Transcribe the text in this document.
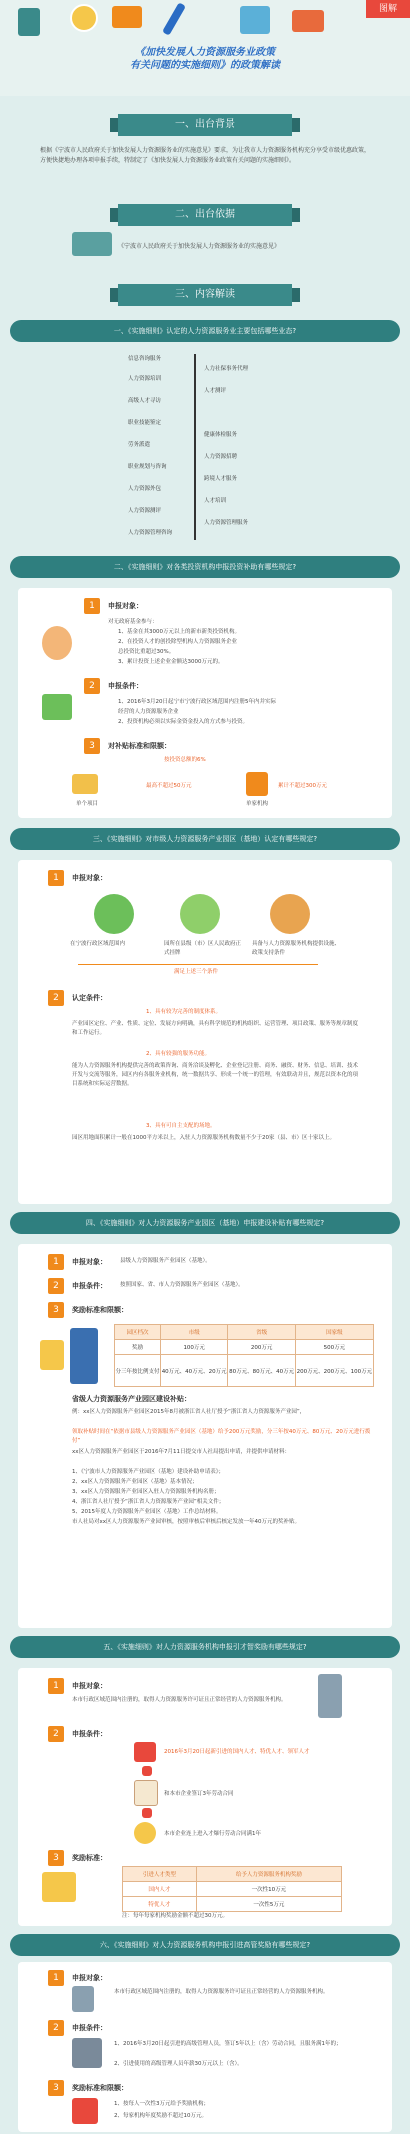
图解
《加快发展人力资源服务业政策
有关问题的实施细则》的政策解读
一、出台背景
根据《宁波市人民政府关于加快发展人力资源服务业的实施意见》要求，为让我市人力资源服务机构充分享受市级优惠政策，方便快捷地办理各项申报手续，特制定了《加快发展人力资源服务业政策有关问题的实施细则》。
二、出台依据
《宁波市人民政府关于加快发展人力资源服务业的实施意见》
三、内容解读
一、《实施细则》认定的人力资源服务业主要包括哪些业态?
信息咨询服务
人力资源培训
高级人才寻访
职业技能鉴定
劳务派遣
职业规划与咨询
人力资源外包
人力资源测评
人力资源管理咨询
人力社保事务代理
人才测评
健康体检服务
人力资源招聘
跨境人才服务
人才培训
人力资源管理服务
二、《实施细则》对各类投资机构申报投资补助有哪些规定?
1	申报对象：
对无政府基金参与：
1、基金在其3000万元以上的新市新类投资机构。
2、在投资人才的创投除型机构人力资源服务企业
总投资比重超过30%。
3、累计投资上述企业金额达3000万元的。
2	申报条件：
1、2016年3月20日起宁市宁波行政区域范围内注册5年内并实际
经营的人力资源服务企业
2、投资机构必须以实际金资金投入的方式参与投资。
3	对补贴标准和限额：
按投资总额的6%
最高不超过50万元	累计不超过300万元
单个项目	单家机构
三、《实施细则》对市级人力资源服务产业园区（基地）认定有哪些规定?
1	申报对象：
在宁波行政区域范围内	园所在县级（市）区人民政府正式挂牌
具备与人力资源服务机构提供设施、政策支持条件
满足上述三个条件
2	认定条件：
1、具有较为完善的制度体系。
产业园区定位、产业、性质、定位、发展方向明确，具有科学规范的机构组织、运营管理、项目政策、服务等规章制度和工作运行。
2、具有较强的服务功能。
能为人力资源服务机构提供完善的政策咨询、商务洽谈及孵化、企业登记注册、商务、融资、财务、信息、培训、技术开发与交流等服务，园区内有各服务业机构，统一数据共享、形成一个统一的管理，有效联动并且，规范以资本化的项目系统和实际运营数据。
3、具有可自主支配的场地。
园区用地面积累计一般在1000平方米以上，入驻人力资源服务机构数量不少于20家（县、市）区十家以上。
四、《实施细则》对人力资源服务产业园区（基地）申报建设补贴有哪些规定?
1	申报对象： 县级人力资源服务产业园区（基地）。
2	申报条件： 按照国家、省、市人力资源服务产业园区（基地）。
3	奖励标准和限额：
园区档次	市级	省级	国家级
奖励	100万元	200万元	500万元
分三年按比例支付	40万元、40万元、20万元	80万元、80万元、40万元	200万元、200万元、100万元
省级人力资源服务产业园区建设补贴：
例：xx区人力资源服务产业园区2015年8月被浙江省人社厅授予“浙江省人力资源服务产业园”，
领取补贴时间在“依据市县级人力资源服务产业园区（基地）给予200万元奖励，分三年按40万元、80万元、20万元进行拨付”
xx区人力资源服务产业园区于2016年7月11日提交市人社局提出申请，并提供申请材料：
1、《宁波市人力资源服务产业园区（基地）建设补助申请表》；
2、xx区人力资源服务产业园区（基地）基本情况；
3、xx区人力资源服务产业园区入驻人力资源服务机构名册；
4、浙江省人社厅授予“浙江省人力资源服务产业园”相关文件；
5、2015年度人力资源服务产业园区（基地）工作总结材料。
市人社局对xx区人力资源服务产业园审核，按照审核后审核后核定发放一年40万元的奖补贴。
五、《实施细则》对人力资源服务机构申报引才智奖励有哪些规定?
1	申报对象：
本市行政区域范围内注册的，取得人力资源服务许可证且正常经营的人力资源服务机构。
2	申报条件：
2016年3月20日起新引进的国内人才、特优人才、领军人才
和本市企业签订3年劳动合同
本市企业连上进入才爆行劳动合同满1年
3	奖励标准：
引进人才类型	给予人力资源服务机构奖励
国内人才	一次性10万元
特优人才	一次性5万元
注：每年每家机构奖励金额不超过30万元。
六、《实施细则》对人力资源服务机构申报引进高管奖励有哪些规定?
1	申报对象：
本市行政区域范围内注册的，取得人力资源服务许可证且正常经营的人力资源服务机构。
2	申报条件：
1、2016年3月20日起引进的高级管理人员，签订5年以上（含）劳动合同，且服务满1年的；
2、引进使用的高级管理人员年薪30万元以上（含）。
3	奖励标准和限额：
1、按每人一次性3万元给予奖励机构；
2、每家机构年度奖励不超过10万元。
